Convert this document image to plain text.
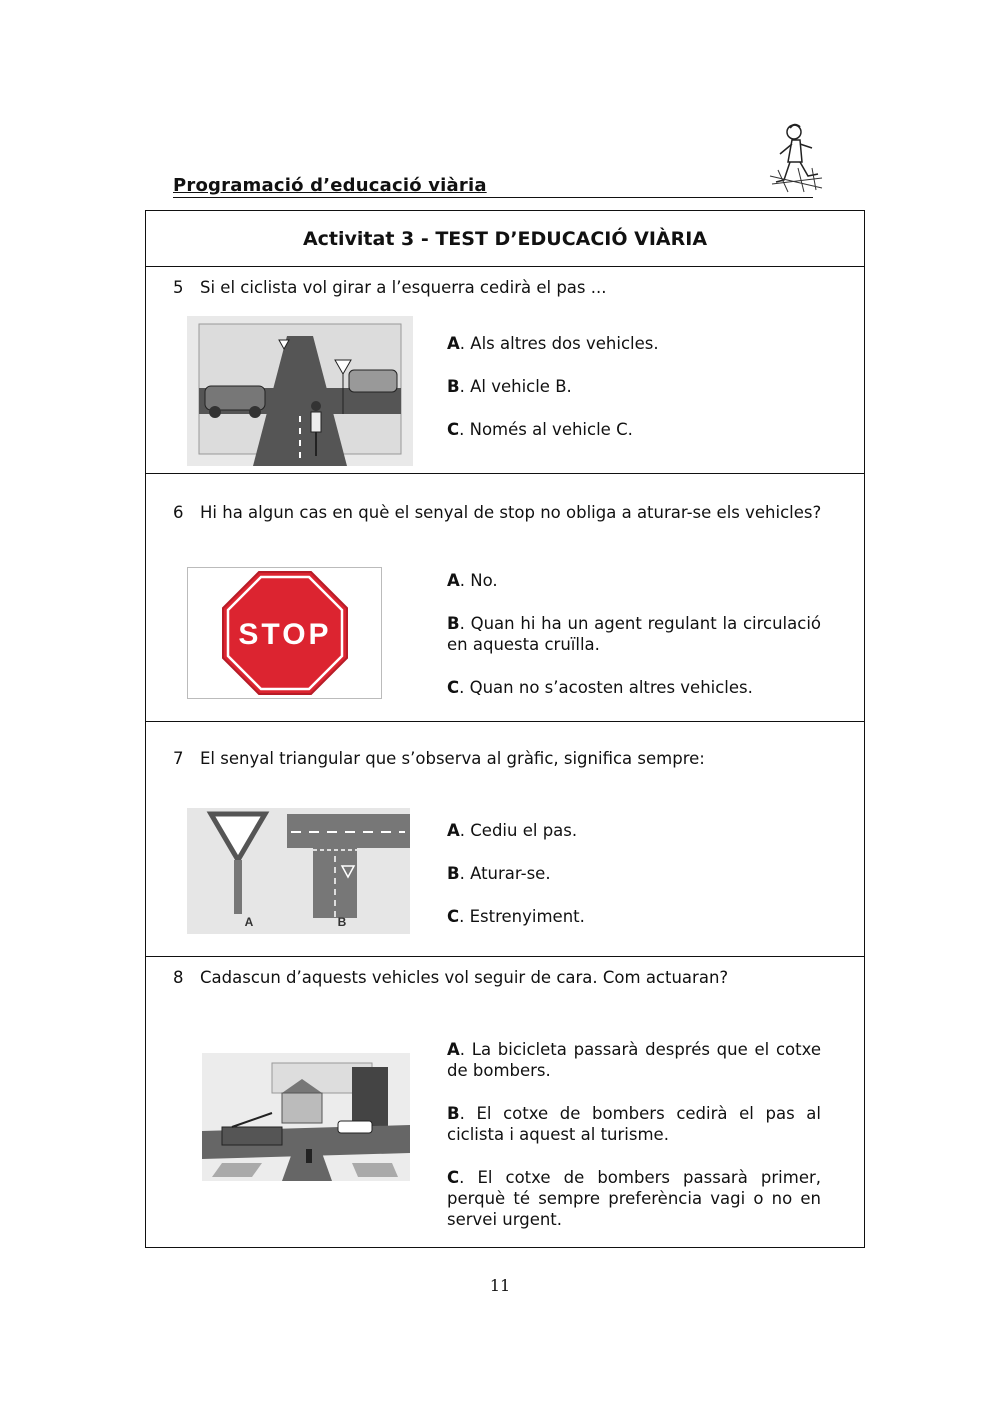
Programació d’educació viària
Activitat 3 - TEST D’EDUCACIÓ VIÀRIA
5 Si el ciclista vol girar a l’esquerra cedirà el pas ...

A. Als altres dos vehicles.

B. Al vehicle B.

C. Només al vehicle C.

6 Hi ha algun cas en què el senyal de stop no obliga a aturar-se els vehicles?
STOP

A. No.

B. Quan hi ha un agent regulant la circulació en aquesta cruïlla.

C. Quan no s’acosten altres vehicles.

7 El senyal triangular que s’observa al gràfic, significa sempre:
A	B

A. Cediu el pas.

B. Aturar-se.

C. Estrenyiment.

8 Cadascun d’aquests vehicles vol seguir de cara. Com actuaran?

A. La bicicleta passarà després que el cotxe de bombers.

B. El cotxe de bombers cedirà el pas al ciclista i aquest al turisme.

C. El cotxe de bombers passarà primer, perquè té sempre preferència vagi o no en servei urgent.

11
